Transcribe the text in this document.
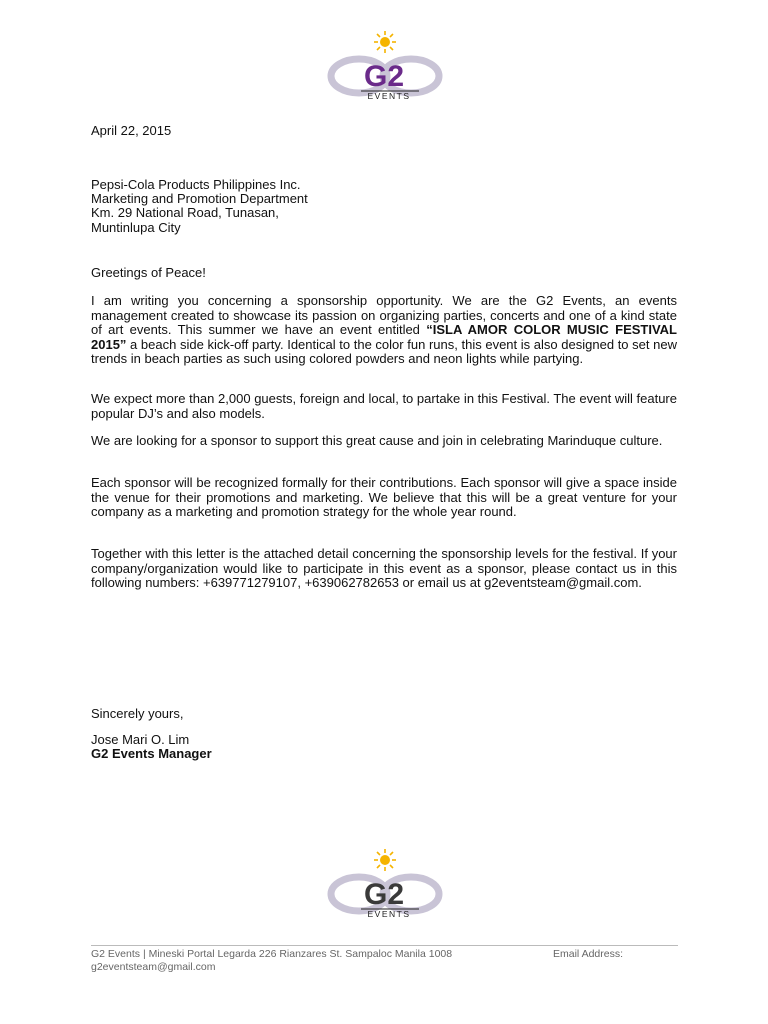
G2
EVENTS
April 22, 2015
Pepsi-Cola Products Philippines Inc.
Marketing and Promotion Department
Km. 29 National Road, Tunasan,
Muntinlupa City
Greetings of Peace!
I am writing you concerning a sponsorship opportunity. We are the G2 Events, an events management created to showcase its passion on organizing parties, concerts and one of a kind state of art events. This summer we have an event entitled “ISLA AMOR COLOR MUSIC FESTIVAL 2015” a beach side kick-off party. Identical to the color fun runs, this event is also designed to set new trends in beach parties as such using colored powders and neon lights while partying.
We expect more than 2,000 guests, foreign and local, to partake in this Festival. The event will feature popular DJ’s and also models.
We are looking for a sponsor to support this great cause and join in celebrating Marinduque culture.
Each sponsor will be recognized formally for their contributions. Each sponsor will give a space inside the venue for their promotions and marketing. We believe that this will be a great venture for your company as a marketing and promotion strategy for the whole year round.
Together with this letter is the attached detail concerning the sponsorship levels for the festival. If your company/organization would like to participate in this event as a sponsor, please contact us in this following numbers: +639771279107, +639062782653 or email us at g2eventsteam@gmail.com.
Sincerely yours,
Jose Mari O. Lim
G2 Events Manager
G2
EVENTS
G2 Events | Mineski Portal Legarda 226 Rianzares St. Sampaloc Manila 1008	Email Address:
g2eventsteam@gmail.com
